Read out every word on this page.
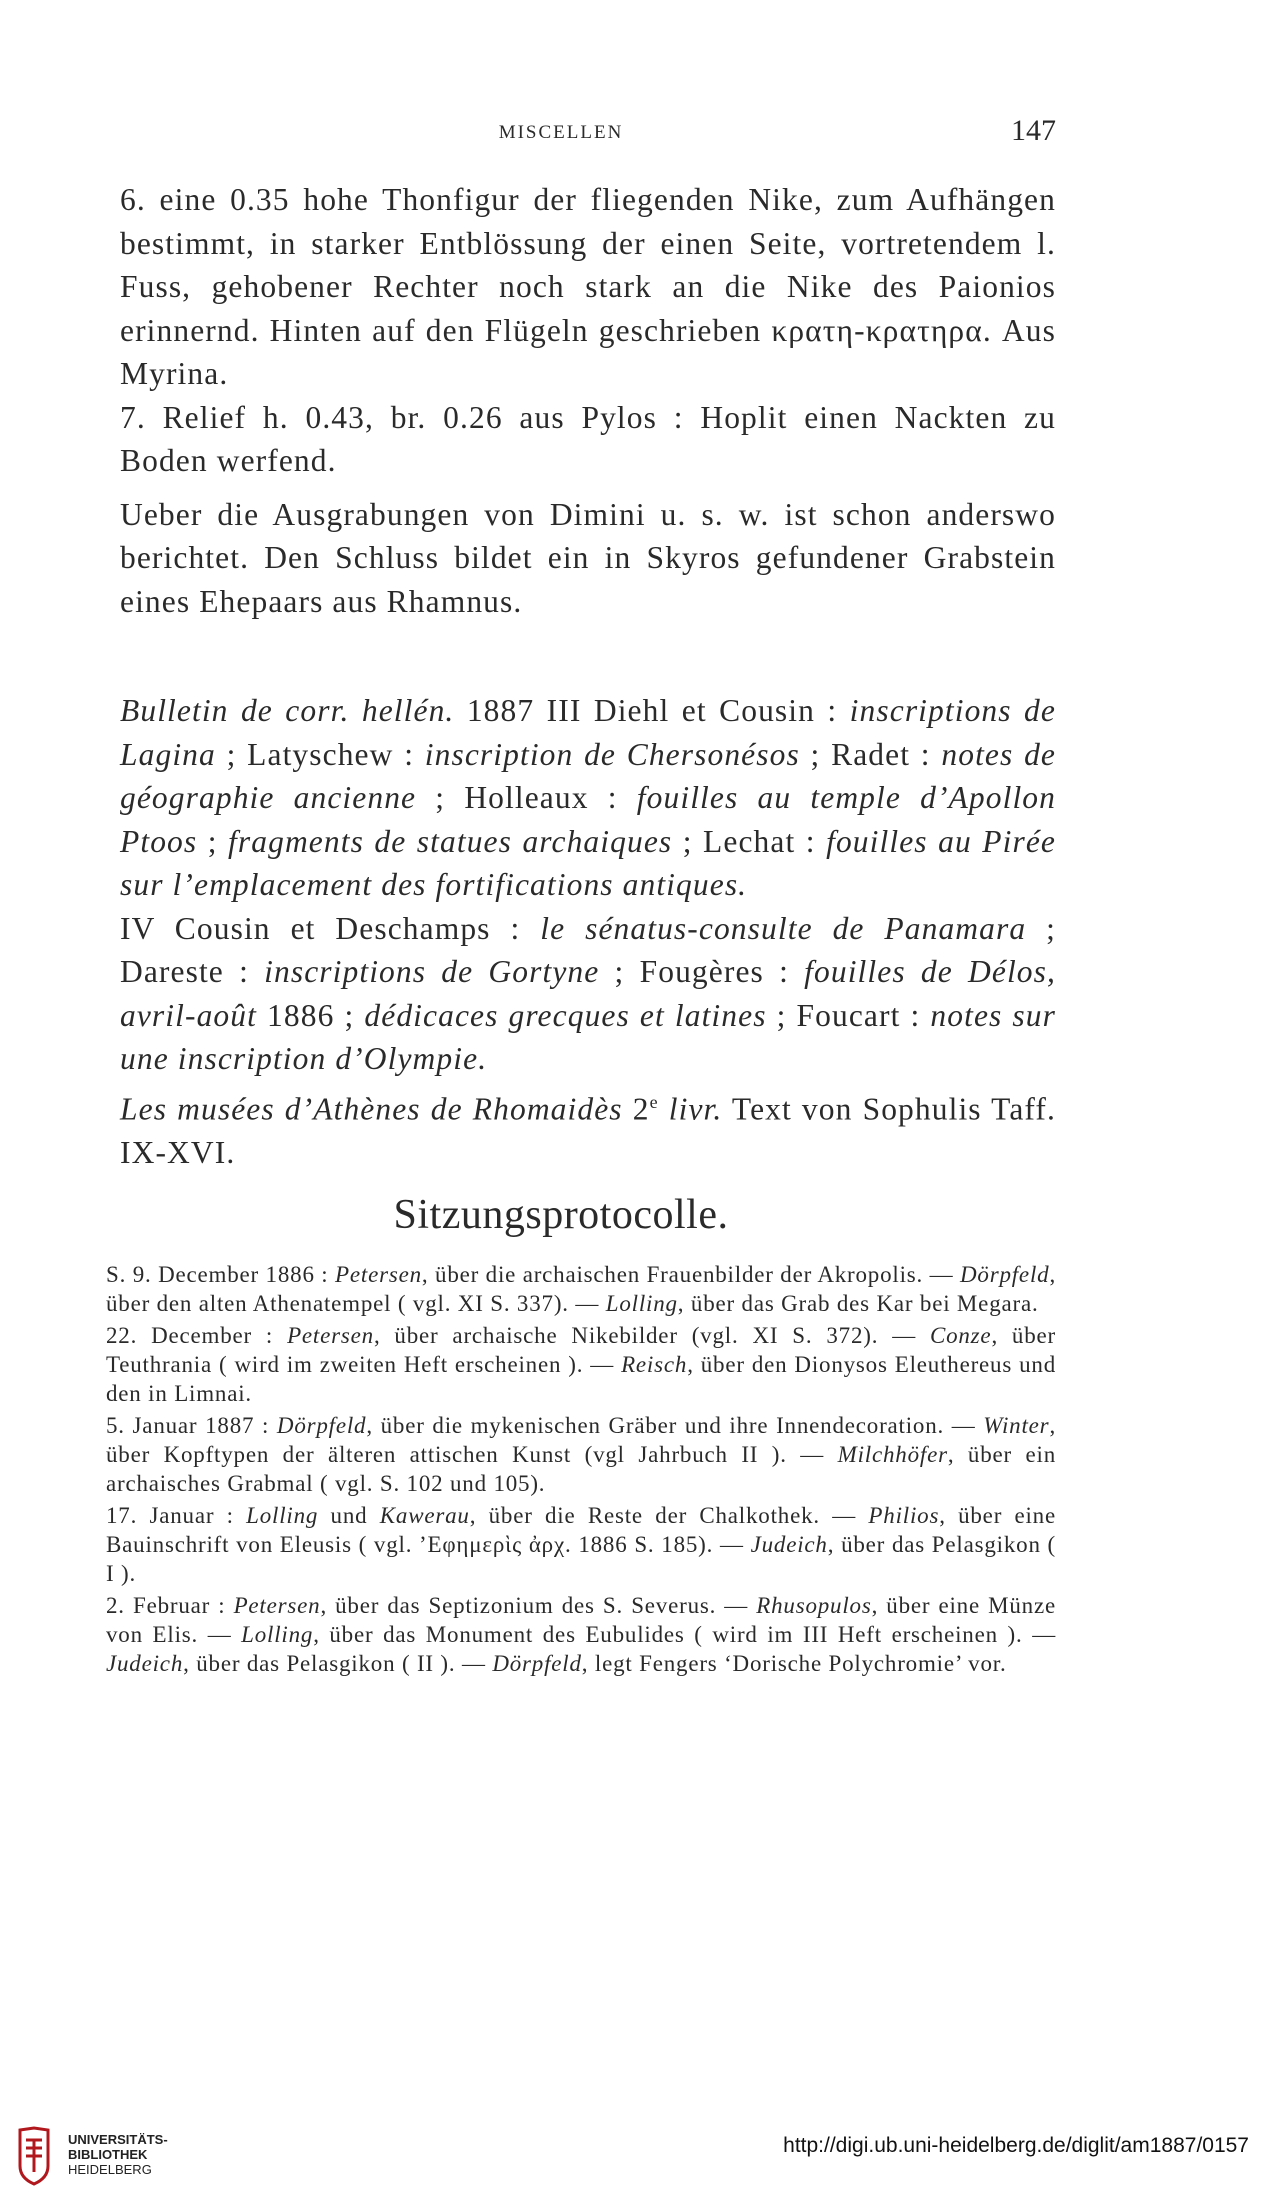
MISCELLEN	147

6. eine 0.35 hohe Thonfigur der fliegenden Nike, zum Aufhängen bestimmt, in starker Entblössung der einen Seite, vortretendem l. Fuss, gehobener Rechter noch stark an die Nike des Paionios erinnernd. Hinten auf den Flügeln geschrieben κρατη-κρατηρα. Aus Myrina.

7. Relief h. 0.43, br. 0.26 aus Pylos : Hoplit einen Nackten zu Boden werfend.

Ueber die Ausgrabungen von Dimini u. s. w. ist schon anderswo berichtet. Den Schluss bildet ein in Skyros gefundener Grabstein eines Ehepaars aus Rhamnus.

Bulletin de corr. hellén. 1887 III Diehl et Cousin : inscriptions de Lagina ; Latyschew : inscription de Chersonésos ; Radet : notes de géographie ancienne ; Holleaux : fouilles au temple d’Apollon Ptoos ; fragments de statues archaiques ; Lechat : fouilles au Pirée sur l’emplacement des fortifications antiques.

IV Cousin et Deschamps : le sénatus-consulte de Panamara ; Dareste : inscriptions de Gortyne ; Fougères : fouilles de Délos, avril-août 1886 ; dédicaces grecques et latines ; Foucart : notes sur une inscription d’Olympie.

Les musées d’Athènes de Rhomaidès 2e livr. Text von Sophulis Taff. IX-XVI.

Sitzungsprotocolle.

S. 9. December 1886 : Petersen, über die archaischen Frauenbilder der Akropolis. — Dörpfeld, über den alten Athenatempel ( vgl. XI S. 337). — Lolling, über das Grab des Kar bei Megara.

22. December : Petersen, über archaische Nikebilder (vgl. XI S. 372). — Conze, über Teuthrania ( wird im zweiten Heft erscheinen ). — Reisch, über den Dionysos Eleuthereus und den in Limnai.

5. Januar 1887 : Dörpfeld, über die mykenischen Gräber und ihre Innendecoration. — Winter, über Kopftypen der älteren attischen Kunst (vgl Jahrbuch II ). — Milchhöfer, über ein archaisches Grabmal ( vgl. S. 102 und 105).

17. Januar : Lolling und Kawerau, über die Reste der Chalkothek. — Philios, über eine Bauinschrift von Eleusis ( vgl. ’Εφημερὶς ἀρχ. 1886 S. 185). — Judeich, über das Pelasgikon ( I ).

2. Februar : Petersen, über das Septizonium des S. Severus. — Rhusopulos, über eine Münze von Elis. — Lolling, über das Monument des Eubulides ( wird im III Heft erscheinen ). — Judeich, über das Pelasgikon ( II ). — Dörpfeld, legt Fengers ‘Dorische Polychromie’ vor.

UNIVERSITÄTS-
BIBLIOTHEK
HEIDELBERG
http://digi.ub.uni-heidelberg.de/diglit/am1887/0157
